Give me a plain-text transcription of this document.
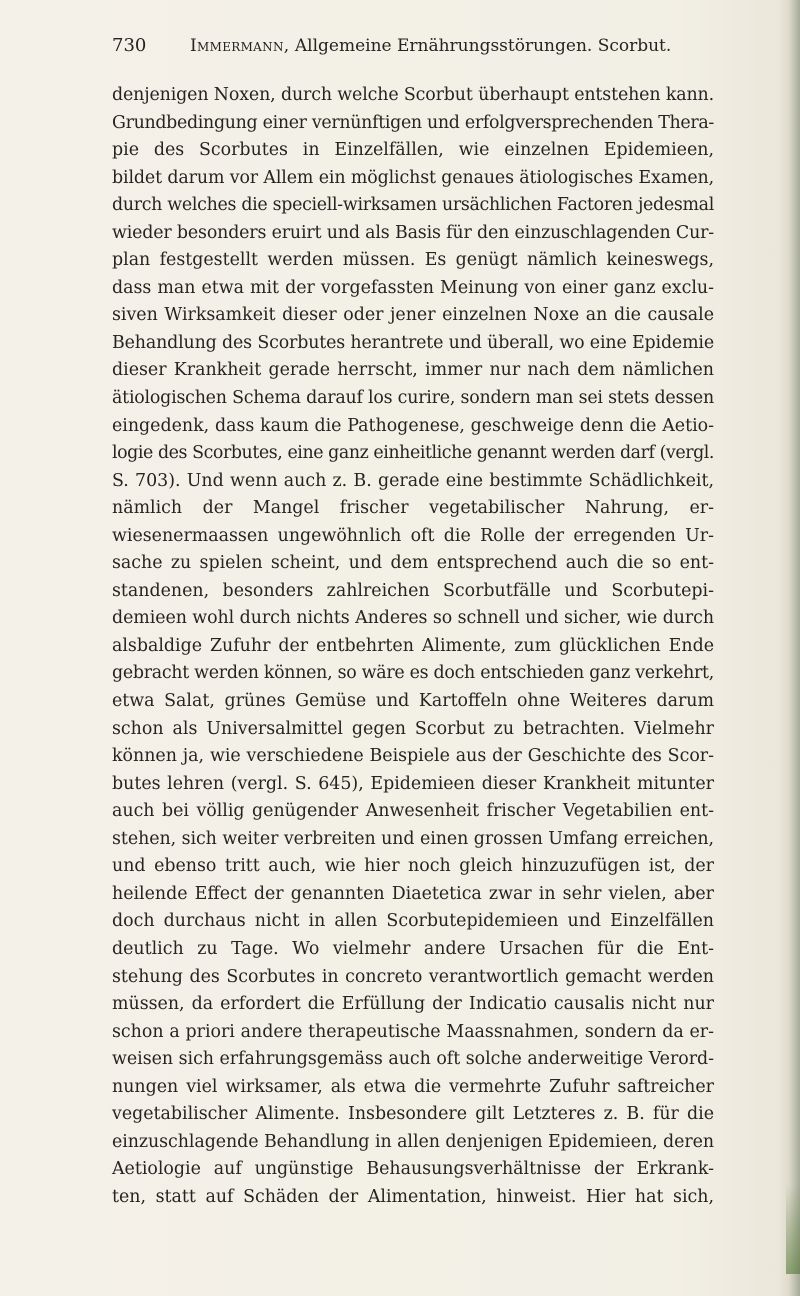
730	Immermann, Allgemeine Ernährungsstörungen. Scorbut.
denjenigen Noxen, durch welche Scorbut überhaupt entstehen kann.
Grundbedingung einer vernünftigen und erfolgversprechenden Thera-
pie des Scorbutes in Einzelfällen, wie einzelnen Epidemieen,
bildet darum vor Allem ein möglichst genaues ätiologisches Examen,
durch welches die speciell-wirksamen ursächlichen Factoren jedesmal
wieder besonders eruirt und als Basis für den einzuschlagenden Cur-
plan festgestellt werden müssen. Es genügt nämlich keineswegs,
dass man etwa mit der vorgefassten Meinung von einer ganz exclu-
siven Wirksamkeit dieser oder jener einzelnen Noxe an die causale
Behandlung des Scorbutes herantrete und überall, wo eine Epidemie
dieser Krankheit gerade herrscht, immer nur nach dem nämlichen
ätiologischen Schema darauf los curire, sondern man sei stets dessen
eingedenk, dass kaum die Pathogenese, geschweige denn die Aetio-
logie des Scorbutes, eine ganz einheitliche genannt werden darf (vergl.
S. 703). Und wenn auch z. B. gerade eine bestimmte Schädlichkeit,
nämlich der Mangel frischer vegetabilischer Nahrung, er-
wiesenermaassen ungewöhnlich oft die Rolle der erregenden Ur-
sache zu spielen scheint, und dem entsprechend auch die so ent-
standenen, besonders zahlreichen Scorbutfälle und Scorbutepi-
demieen wohl durch nichts Anderes so schnell und sicher, wie durch
alsbaldige Zufuhr der entbehrten Alimente, zum glücklichen Ende
gebracht werden können, so wäre es doch entschieden ganz verkehrt,
etwa Salat, grünes Gemüse und Kartoffeln ohne Weiteres darum
schon als Universalmittel gegen Scorbut zu betrachten. Vielmehr
können ja, wie verschiedene Beispiele aus der Geschichte des Scor-
butes lehren (vergl. S. 645), Epidemieen dieser Krankheit mitunter
auch bei völlig genügender Anwesenheit frischer Vegetabilien ent-
stehen, sich weiter verbreiten und einen grossen Umfang erreichen,
und ebenso tritt auch, wie hier noch gleich hinzuzufügen ist, der
heilende Effect der genannten Diaetetica zwar in sehr vielen, aber
doch durchaus nicht in allen Scorbutepidemieen und Einzelfällen
deutlich zu Tage. Wo vielmehr andere Ursachen für die Ent-
stehung des Scorbutes in concreto verantwortlich gemacht werden
müssen, da erfordert die Erfüllung der Indicatio causalis nicht nur
schon a priori andere therapeutische Maassnahmen, sondern da er-
weisen sich erfahrungsgemäss auch oft solche anderweitige Verord-
nungen viel wirksamer, als etwa die vermehrte Zufuhr saftreicher
vegetabilischer Alimente. Insbesondere gilt Letzteres z. B. für die
einzuschlagende Behandlung in allen denjenigen Epidemieen, deren
Aetiologie auf ungünstige Behausungsverhältnisse der Erkrank-
ten, statt auf Schäden der Alimentation, hinweist. Hier hat sich,
